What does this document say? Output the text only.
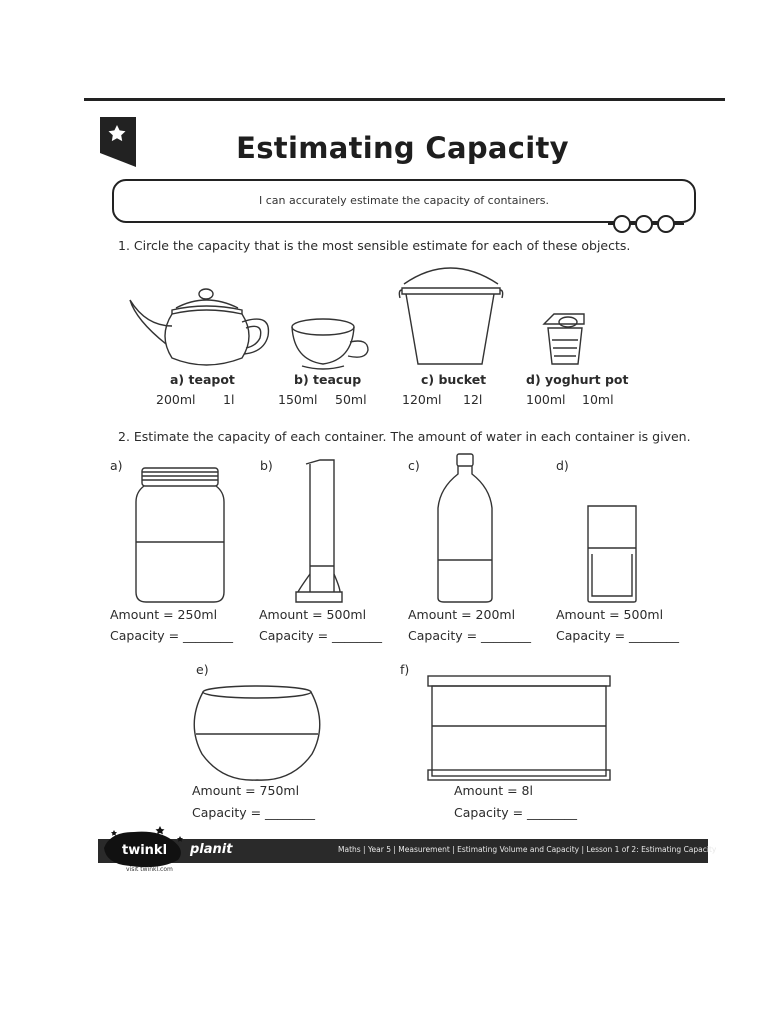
Estimating Capacity
I can accurately estimate the capacity of containers.
1. Circle the capacity that is the most sensible estimate for each of these objects.
a) teapot
200ml 1l
b) teacup
150ml 50ml
c) bucket
120ml 12l
d) yoghurt pot
100ml 10ml
2. Estimate the capacity of each container. The amount of water in each container is given.
a)	b)	c)	d)
Amount = 250ml
Capacity = ________
Amount = 500ml
Capacity = ________
Amount = 200ml
Capacity = ________
Amount = 500ml
Capacity = ________
e)	f)
Amount = 750ml
Capacity = ________
Amount = 8l
Capacity = ________
twinkl planit	Maths | Year 5 | Measurement | Estimating Volume and Capacity | Lesson 1 of 2: Estimating Capacity
visit twinkl.com
